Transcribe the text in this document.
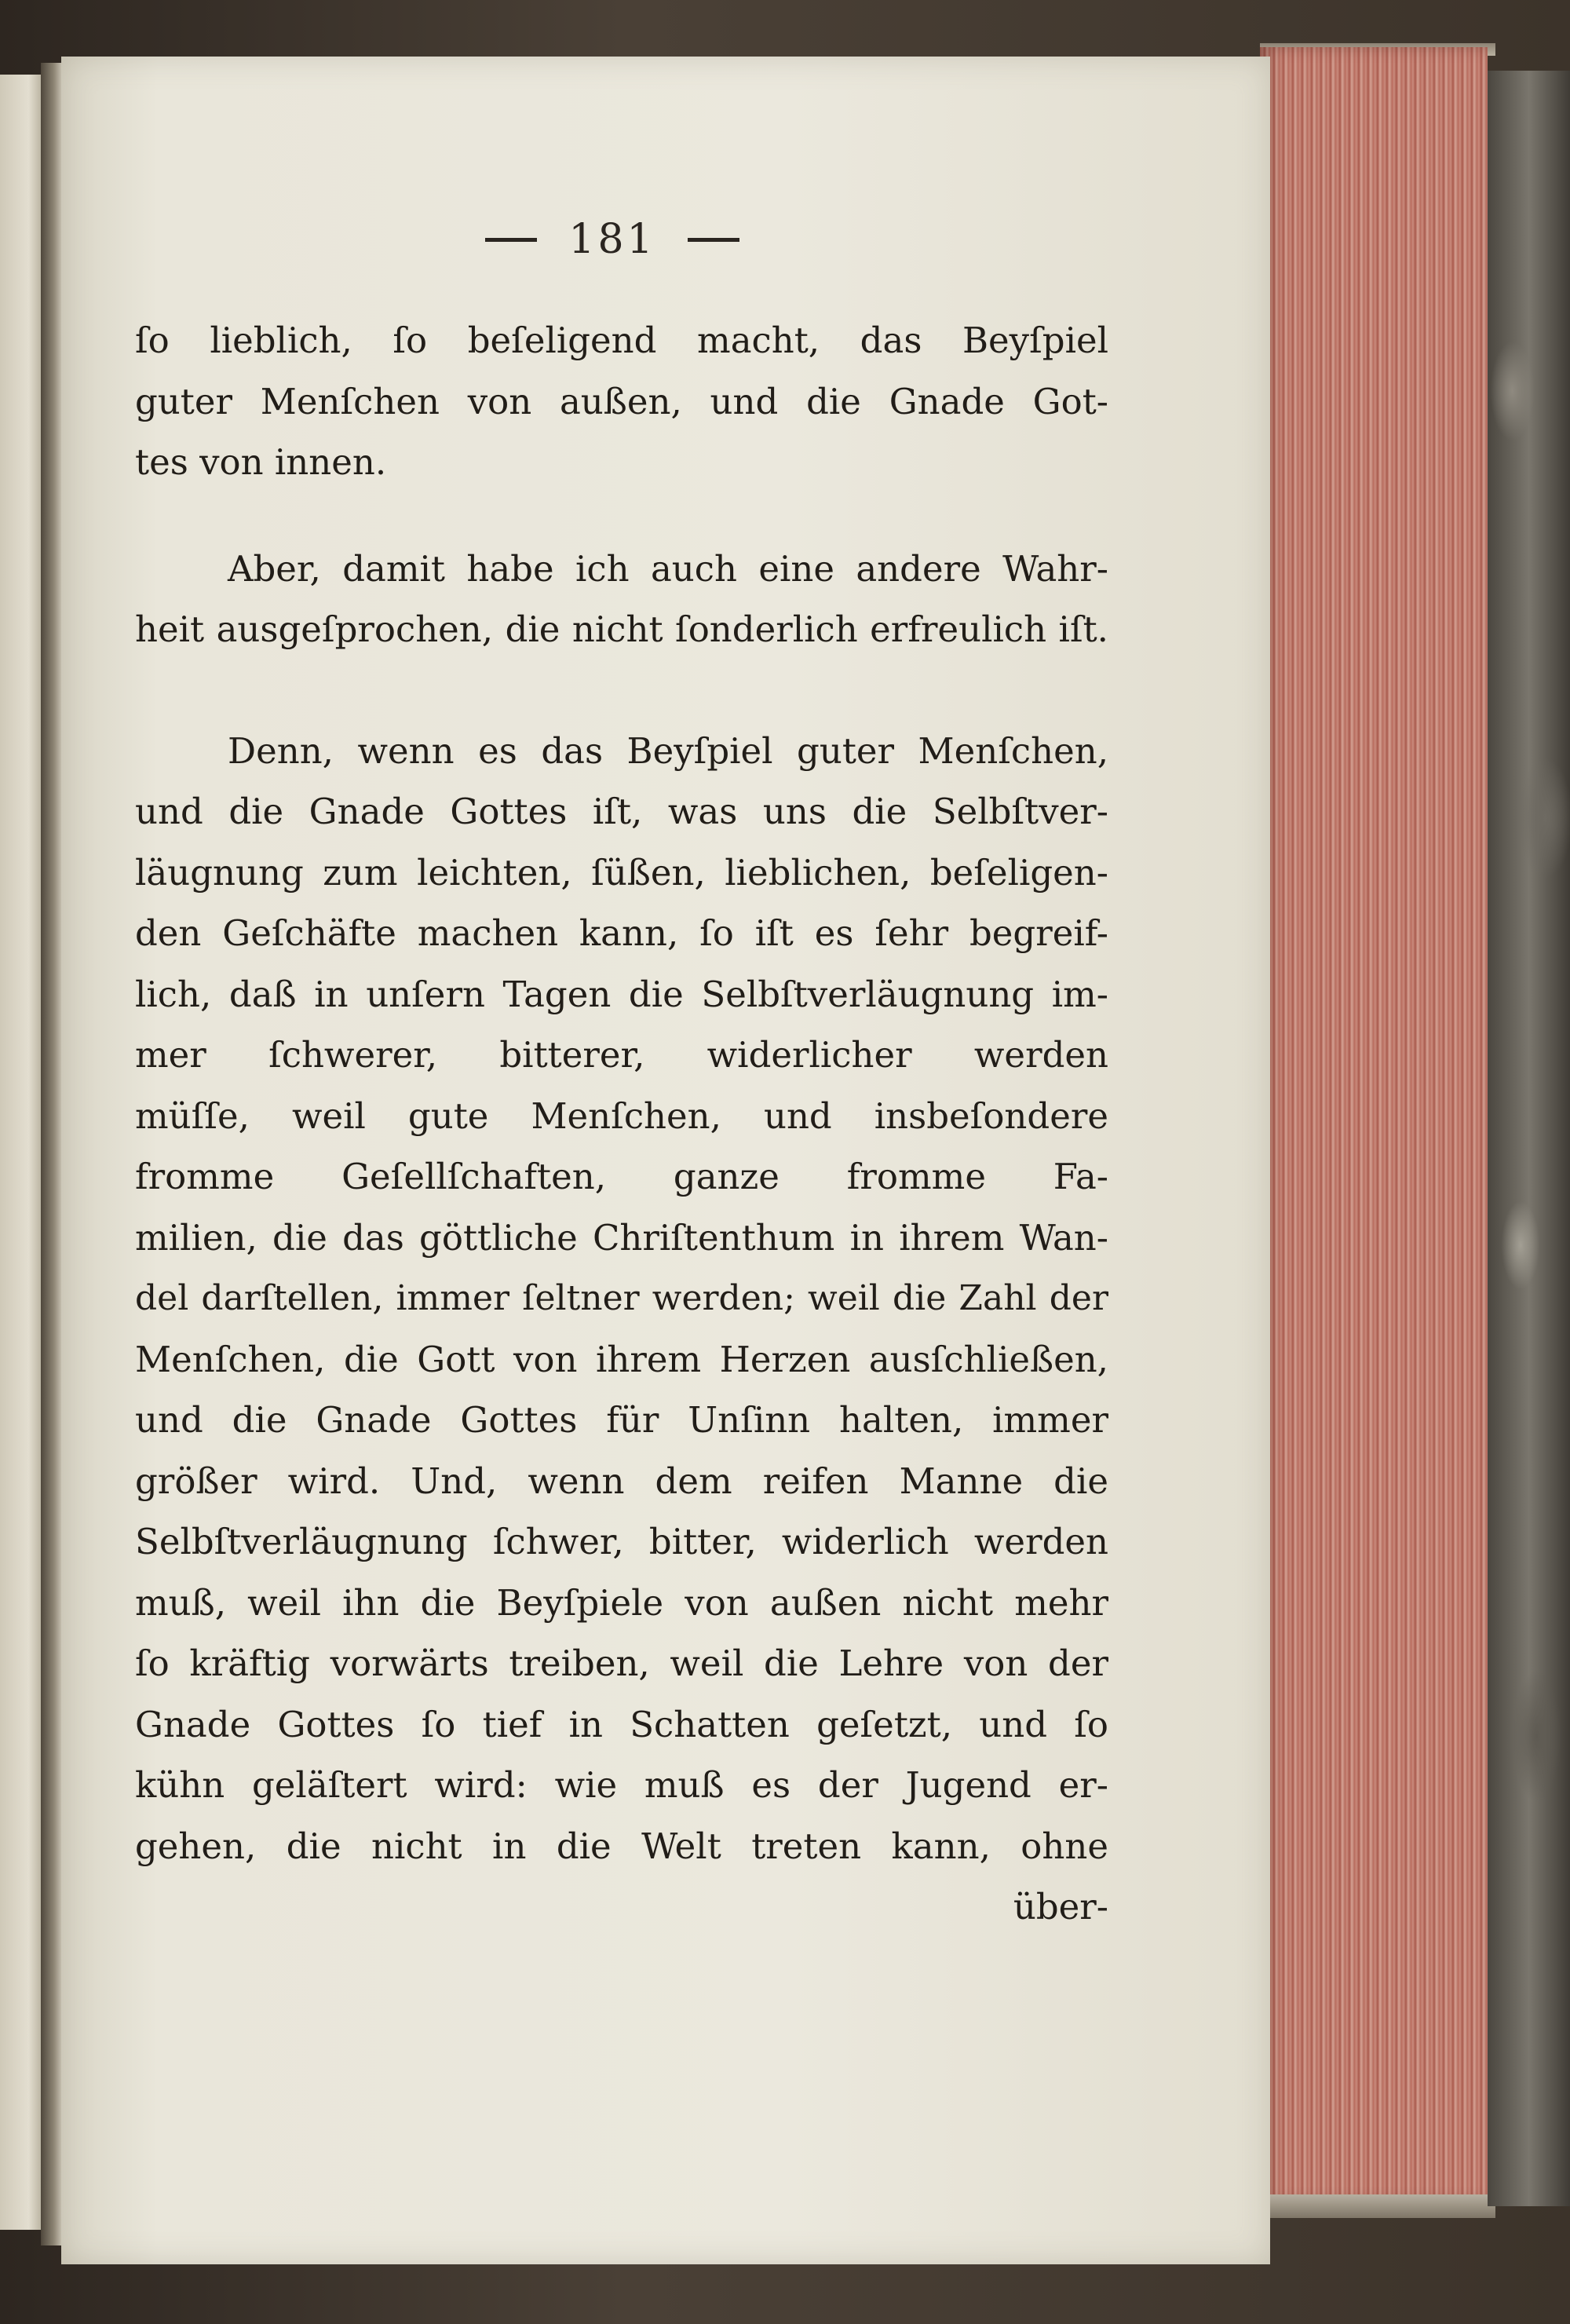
181
ſo lieblich, ſo beſeligend macht, das Beyſpiel
guter Menſchen von außen, und die Gnade Got-
tes von innen.
Aber, damit habe ich auch eine andere Wahr-
heit ausgeſprochen, die nicht ſonderlich erfreulich iſt.
Denn, wenn es das Beyſpiel guter Menſchen,
und die Gnade Gottes iſt, was uns die Selbſtver-
läugnung zum leichten, ſüßen, lieblichen, beſeligen-
den Geſchäfte machen kann, ſo iſt es ſehr begreif-
lich, daß in unſern Tagen die Selbſtverläugnung im-
mer ſchwerer, bitterer, widerlicher werden
müſſe, weil gute Menſchen, und insbeſondere
fromme Geſellſchaften, ganze fromme Fa-
milien, die das göttliche Chriſtenthum in ihrem Wan-
del darſtellen, immer ſeltner werden; weil die Zahl der
Menſchen, die Gott von ihrem Herzen ausſchließen,
und die Gnade Gottes für Unſinn halten, immer
größer wird. Und, wenn dem reifen Manne die
Selbſtverläugnung ſchwer, bitter, widerlich werden
muß, weil ihn die Beyſpiele von außen nicht mehr
ſo kräftig vorwärts treiben, weil die Lehre von der
Gnade Gottes ſo tief in Schatten geſetzt, und ſo
kühn geläſtert wird: wie muß es der Jugend er-
gehen, die nicht in die Welt treten kann, ohne
über-
